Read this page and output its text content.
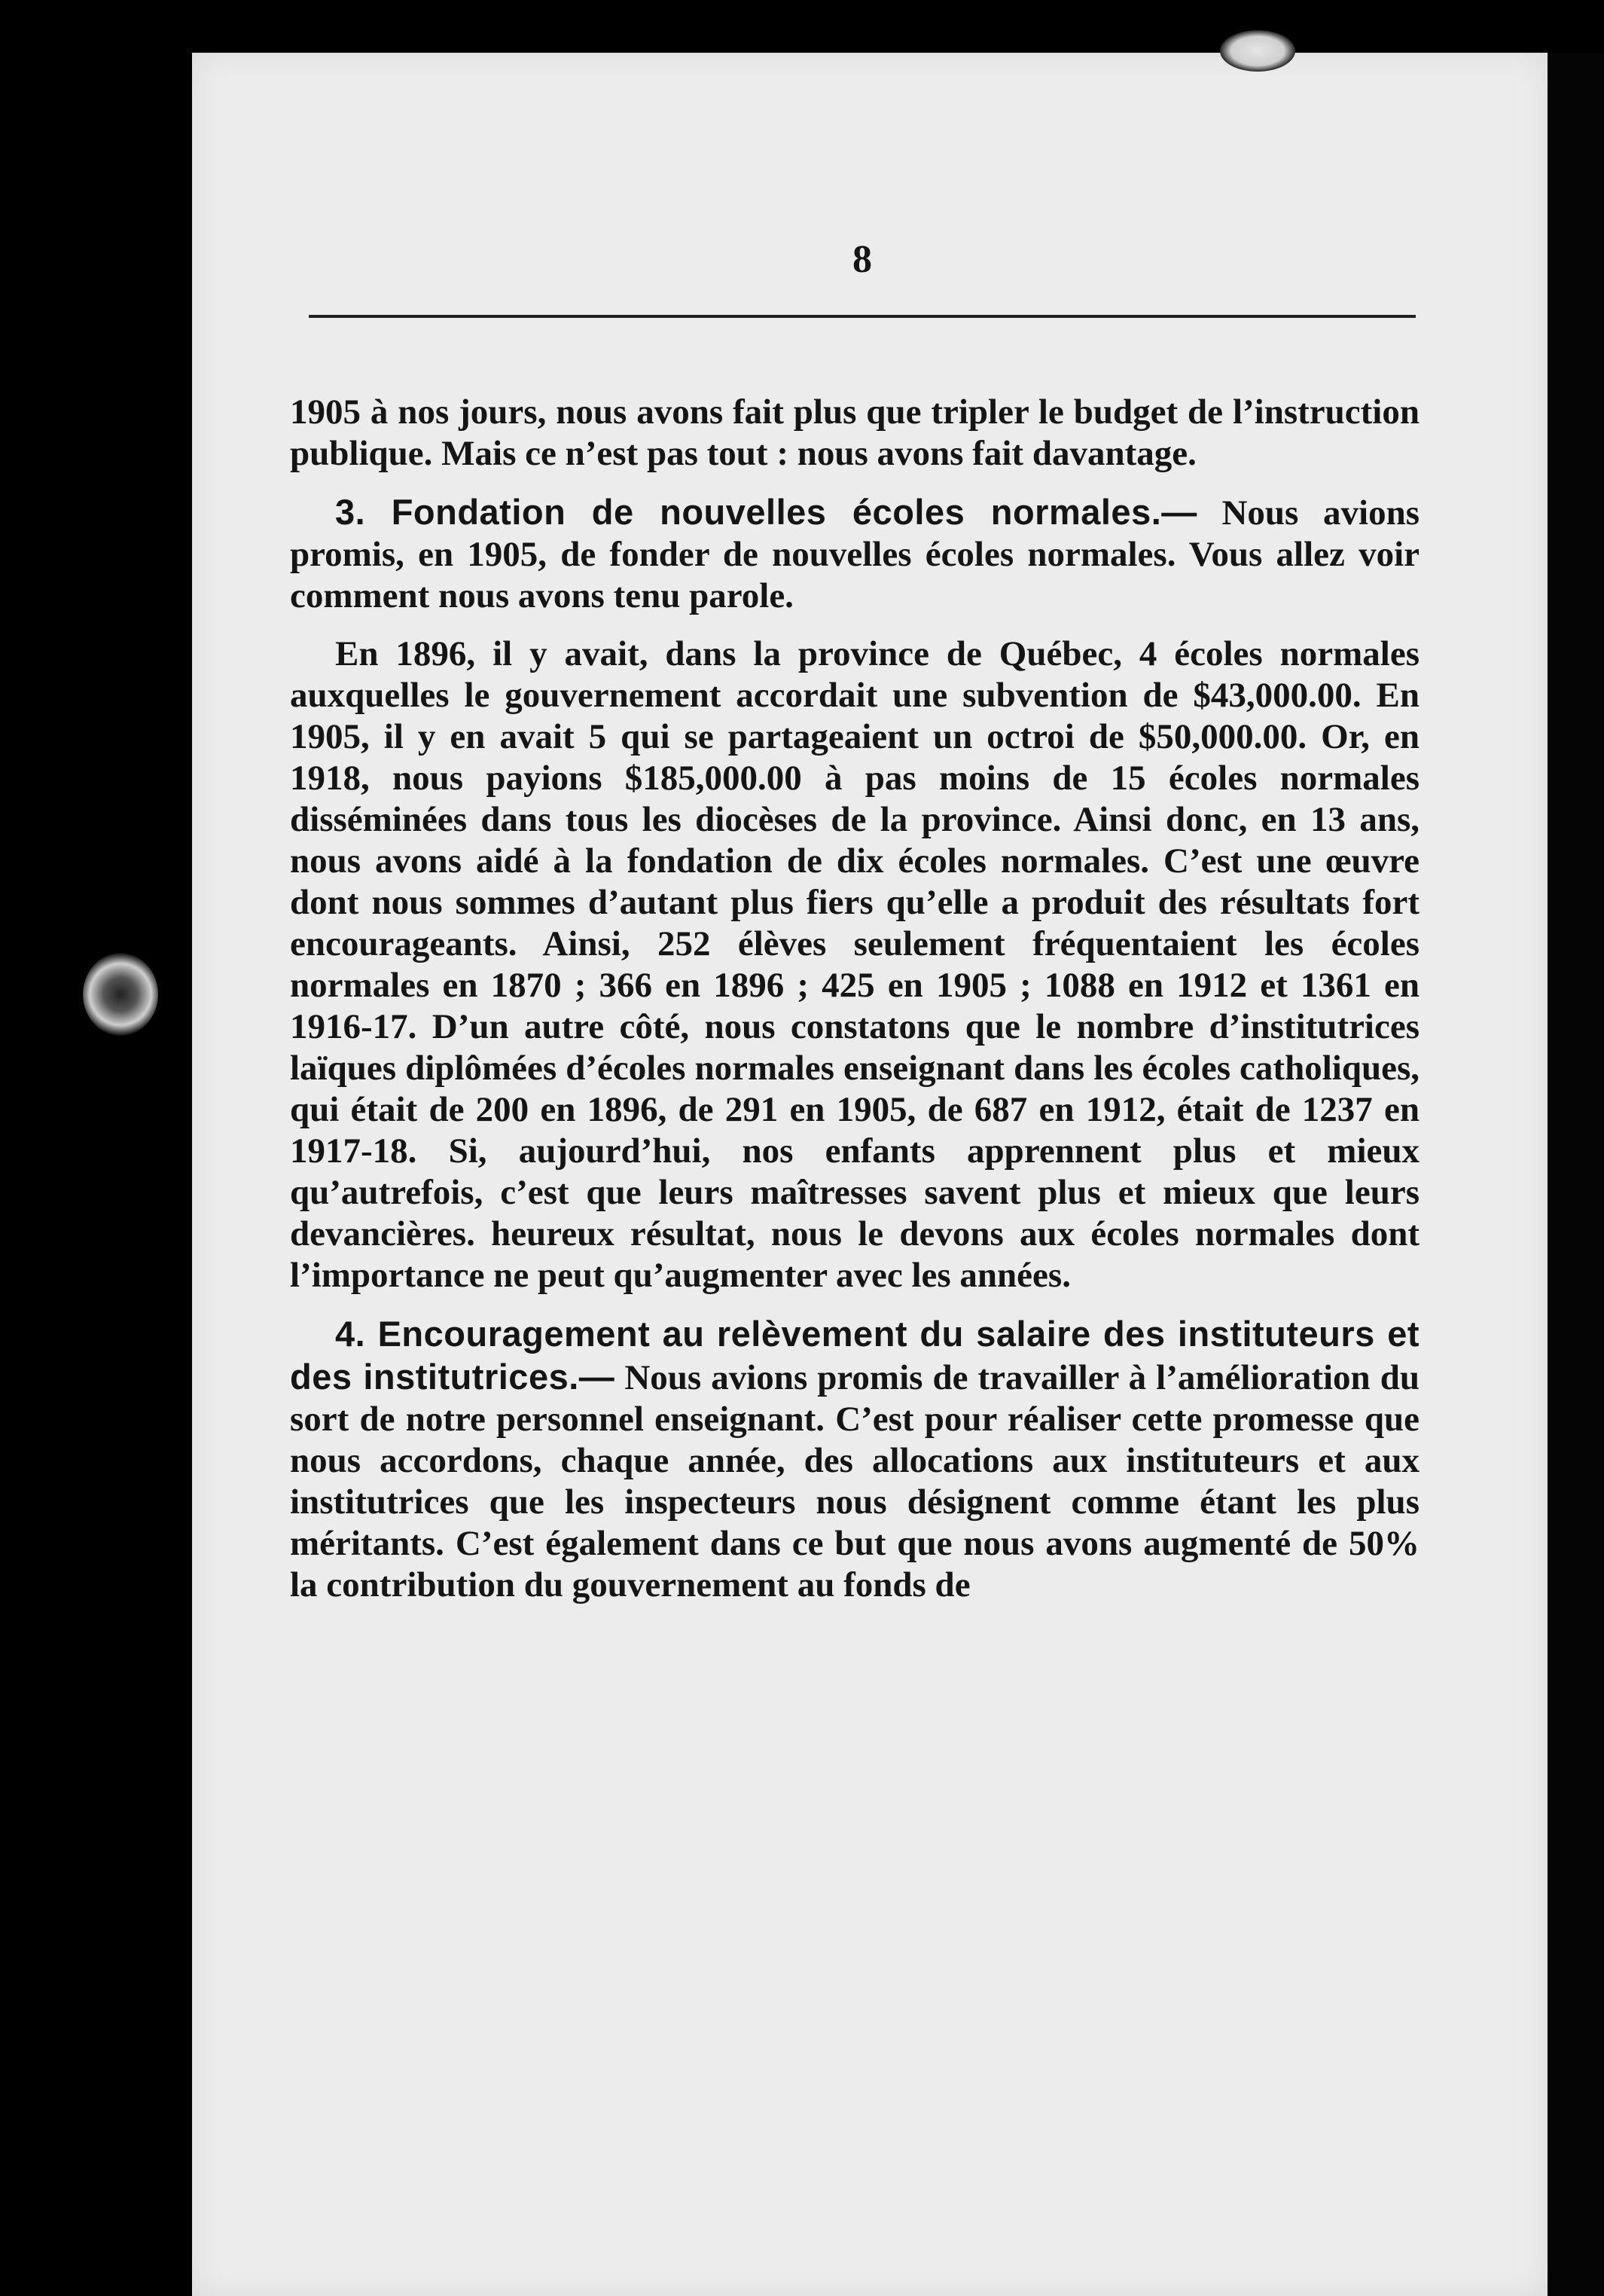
8

1905 à nos jours, nous avons fait plus que tripler le budget de l’instruction publique. Mais ce n’est pas tout : nous avons fait davantage.

3. Fondation de nouvelles écoles normales.— Nous avions promis, en 1905, de fonder de nouvelles écoles normales. Vous allez voir comment nous avons tenu parole.

En 1896, il y avait, dans la province de Québec, 4 écoles normales auxquelles le gouvernement accordait une subvention de $43,000.00. En 1905, il y en avait 5 qui se partageaient un octroi de $50,000.00. Or, en 1918, nous payions $185,000.00 à pas moins de 15 écoles normales disséminées dans tous les diocèses de la province. Ainsi donc, en 13 ans, nous avons aidé à la fondation de dix écoles normales. C’est une œuvre dont nous sommes d’autant plus fiers qu’elle a produit des résultats fort encourageants. Ainsi, 252 élèves seulement fréquentaient les écoles normales en 1870 ; 366 en 1896 ; 425 en 1905 ; 1088 en 1912 et 1361 en 1916-17. D’un autre côté, nous constatons que le nombre d’institutrices laïques diplômées d’écoles normales enseignant dans les écoles catholiques, qui était de 200 en 1896, de 291 en 1905, de 687 en 1912, était de 1237 en 1917-18. Si, aujourd’hui, nos enfants apprennent plus et mieux qu’autrefois, c’est que leurs maîtresses savent plus et mieux que leurs devancières. heureux résultat, nous le devons aux écoles normales dont l’importance ne peut qu’augmenter avec les années.

4. Encouragement au relèvement du salaire des instituteurs et des institutrices.— Nous avions promis de travailler à l’amélioration du sort de notre personnel enseignant. C’est pour réaliser cette promesse que nous accordons, chaque année, des allocations aux instituteurs et aux institutrices que les inspecteurs nous désignent comme étant les plus méritants. C’est également dans ce but que nous avons augmenté de 50% la contribution du gouvernement au fonds de
